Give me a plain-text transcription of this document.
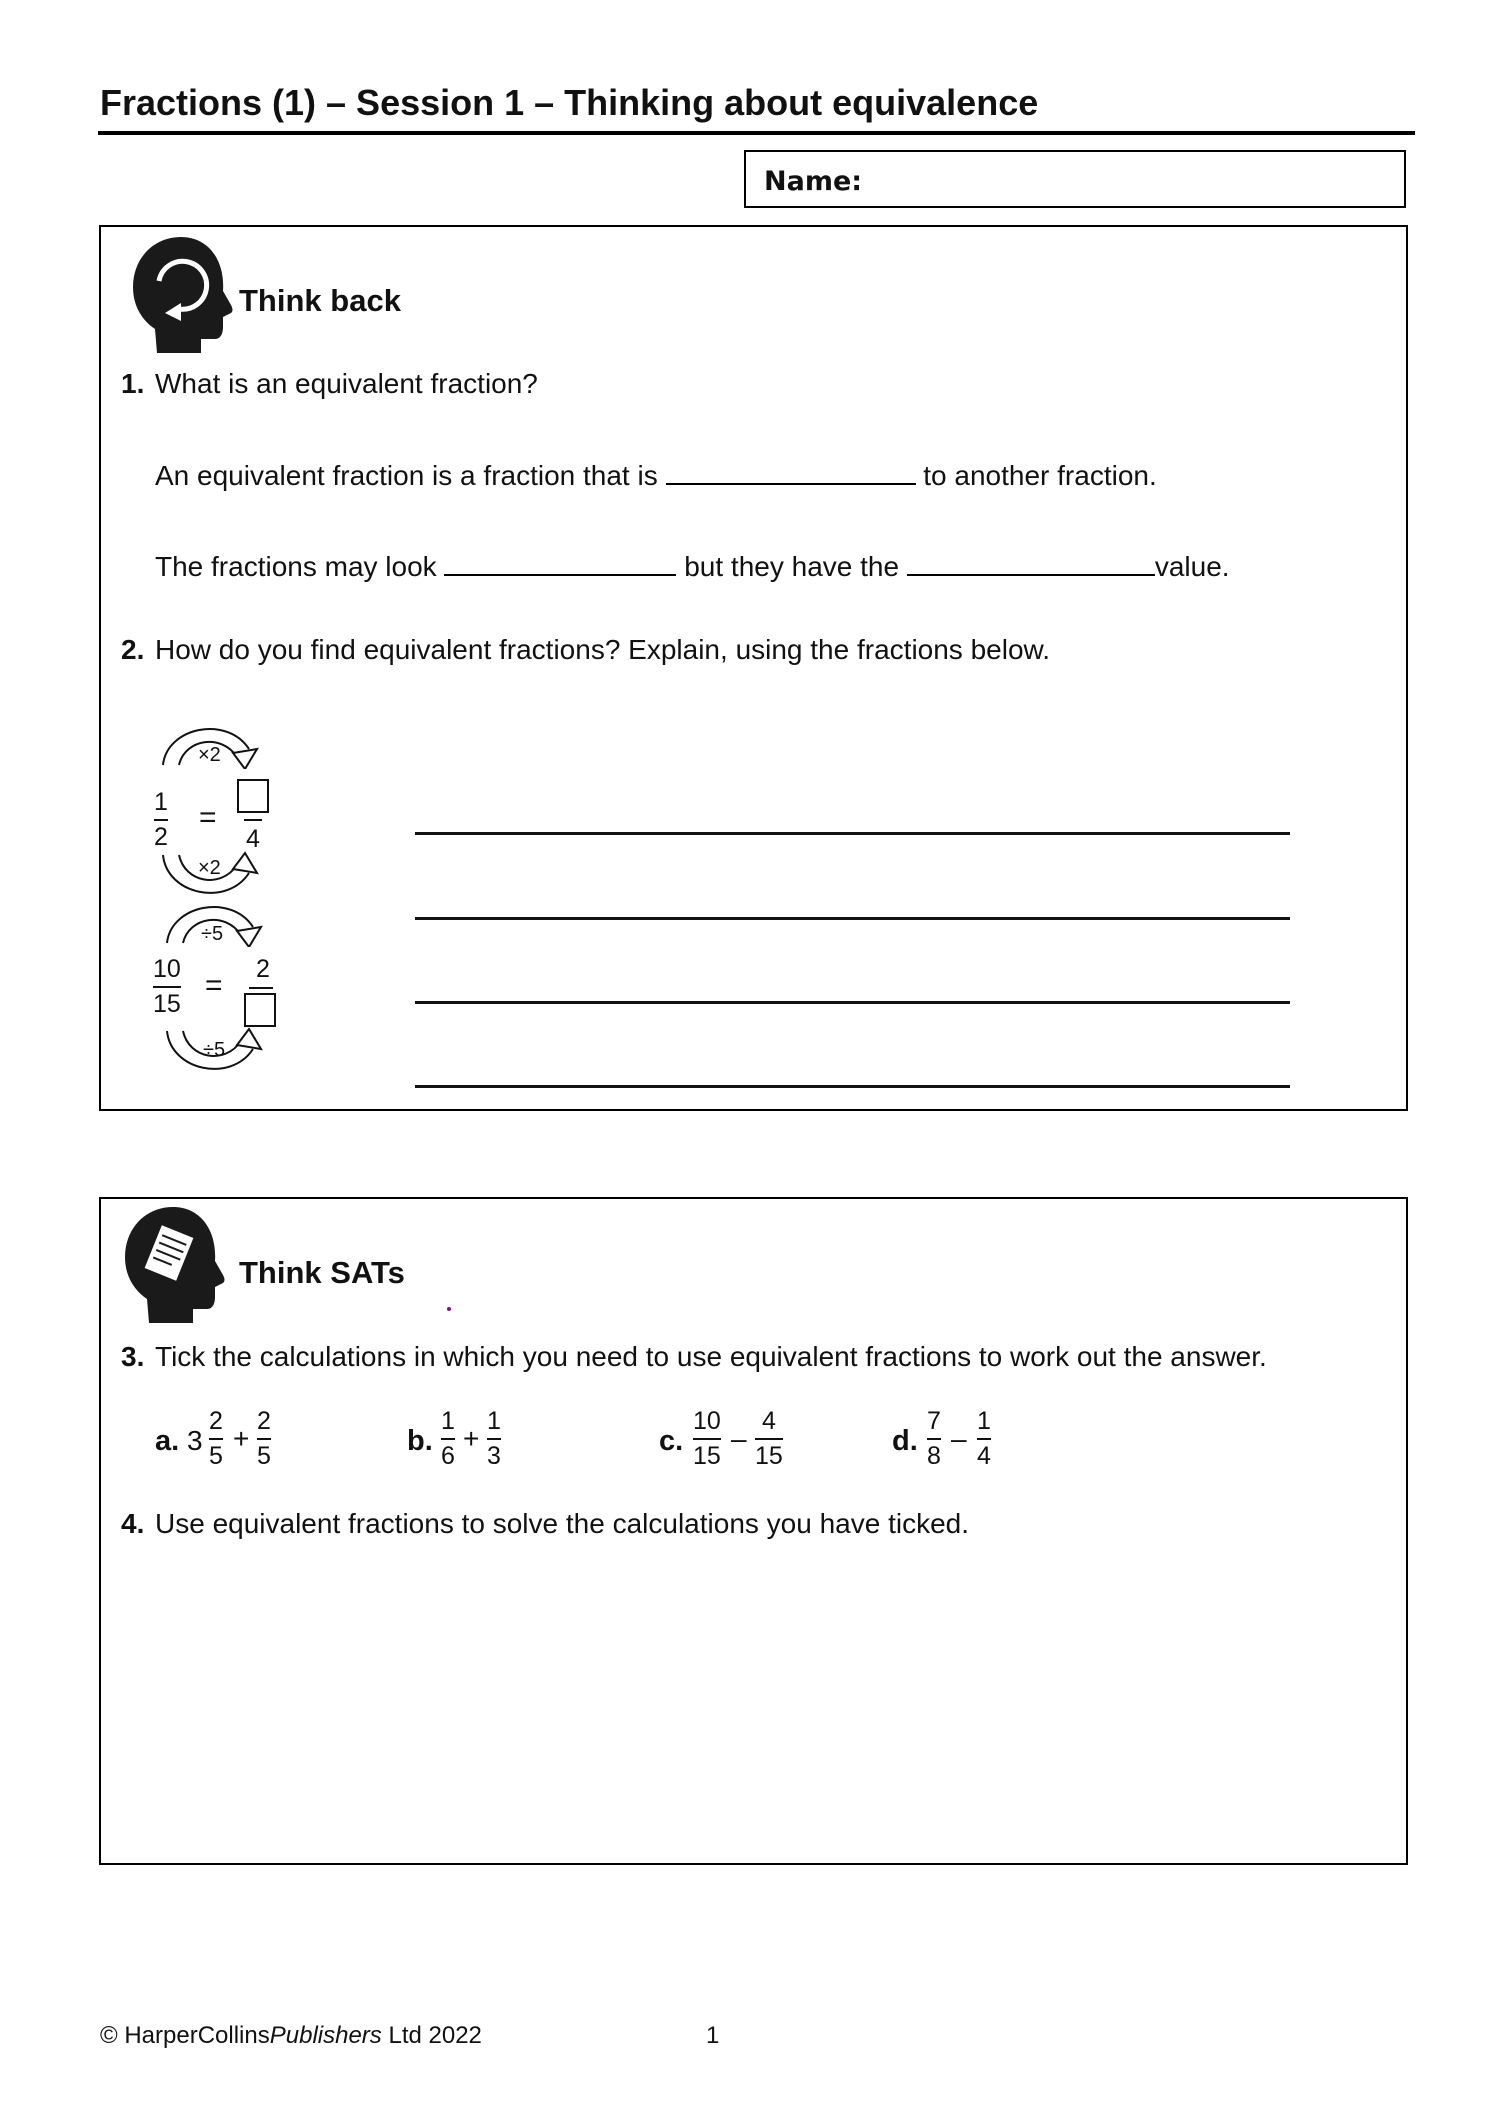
Fractions (1) – Session 1 – Thinking about equivalence
Name:
Think back
1. What is an equivalent fraction?
An equivalent fraction is a fraction that is	to another fraction.
The fractions may look	but they have the	value.
2. How do you find equivalent fractions? Explain, using the fractions below.
×2
1
2
=
4
×2
÷5
10
15
= 2
÷5
Think SATs
3. Tick the calculations in which you need to use equivalent fractions to work out the answer.
a. 3
2
5
+
2
5	b.
1
6
+
1
3	c.
10
15
–
4
15	d.
7
8
–
1
4
4. Use equivalent fractions to solve the calculations you have ticked.
© HarperCollinsPublishers Ltd 2022	1
